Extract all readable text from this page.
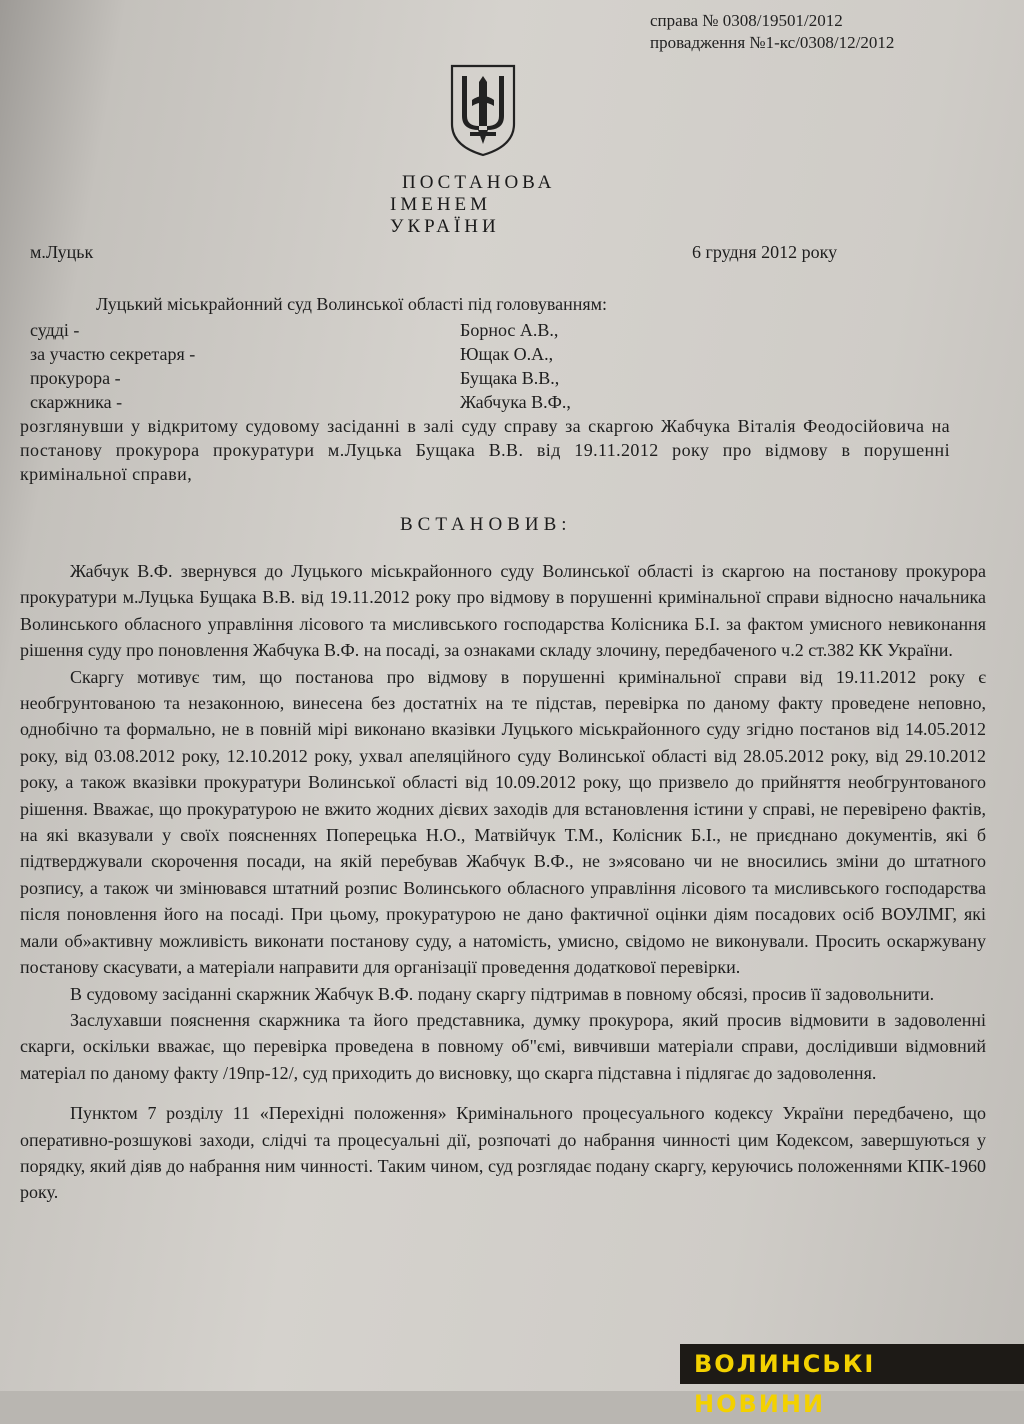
справа № 0308/19501/2012
провадження №1-кс/0308/12/2012
ПОСТАНОВА
ІМЕНЕМ УКРАЇНИ
м.Луцьк	6 грудня 2012 року
Луцький міськрайонний суд Волинської області під головуванням:
судді -	Борнос А.В.,
за участю секретаря -	Ющак О.А.,
прокурора -	Бущака В.В.,
скаржника -	Жабчука В.Ф.,
розглянувши у відкритому судовому засіданні в залі суду справу за скаргою Жабчука Віталія Феодосійовича на постанову прокурора прокуратури м.Луцька Бущака В.В. від 19.11.2012 року про відмову в порушенні кримінальної справи,
ВСТАНОВИВ:

Жабчук В.Ф. звернувся до Луцького міськрайонного суду Волинської області із скаргою на постанову прокурора прокуратури м.Луцька Бущака В.В. від 19.11.2012 року про відмову в порушенні кримінальної справи відносно начальника Волинського обласного управління лісового та мисливського господарства Колісника Б.І. за фактом умисного невиконання рішення суду про поновлення Жабчука В.Ф. на посаді, за ознаками складу злочину, передбаченого ч.2 ст.382 КК України.

Скаргу мотивує тим, що постанова про відмову в порушенні кримінальної справи від 19.11.2012 року є необгрунтованою та незаконною, винесена без достатніх на те підстав, перевірка по даному факту проведене неповно, однобічно та формально, не в повній мірі виконано вказівки Луцького міськрайонного суду згідно постанов від 14.05.2012 року, від 03.08.2012 року, 12.10.2012 року, ухвал апеляційного суду Волинської області від 28.05.2012 року, від 29.10.2012 року, а також вказівки прокуратури Волинської області від 10.09.2012 року, що призвело до прийняття необгрунтованого рішення. Вважає, що прокуратурою не вжито жодних дієвих заходів для встановлення істини у справі, не перевірено фактів, на які вказували у своїх поясненнях Поперецька Н.О., Матвійчук Т.М., Колісник Б.І., не приєднано документів, які б підтверджували скорочення посади, на якій перебував Жабчук В.Ф., не з»ясовано чи не вносились зміни до штатного розпису, а також чи змінювався штатний розпис Волинського обласного управління лісового та мисливського господарства після поновлення його на посаді. При цьому, прокуратурою не дано фактичної оцінки діям посадових осіб ВОУЛМГ, які мали об»активну можливість виконати постанову суду, а натомість, умисно, свідомо не виконували. Просить оскаржувану постанову скасувати, а матеріали направити для організації проведення додаткової перевірки.

В судовому засіданні скаржник Жабчук В.Ф. подану скаргу підтримав в повному обсязі, просив її задовольнити.

Заслухавши пояснення скаржника та його представника, думку прокурора, який просив відмовити в задоволенні скарги, оскільки вважає, що перевірка проведена в повному об"ємі, вивчивши матеріали справи, дослідивши відмовний матеріал по даному факту /19пр-12/, суд приходить до висновку, що скарга підставна і підлягає до задоволення.

Пунктом 7 розділу 11 «Перехідні положення» Кримінального процесуального кодексу України передбачено, що оперативно-розшукові заходи, слідчі та процесуальні дії, розпочаті до набрання чинності цим Кодексом, завершуються у порядку, який діяв до набрання ним чинності. Таким чином, суд розглядає подану скаргу, керуючись положеннями КПК-1960 року.

ВОЛИНСЬКІ НОВИНИ
